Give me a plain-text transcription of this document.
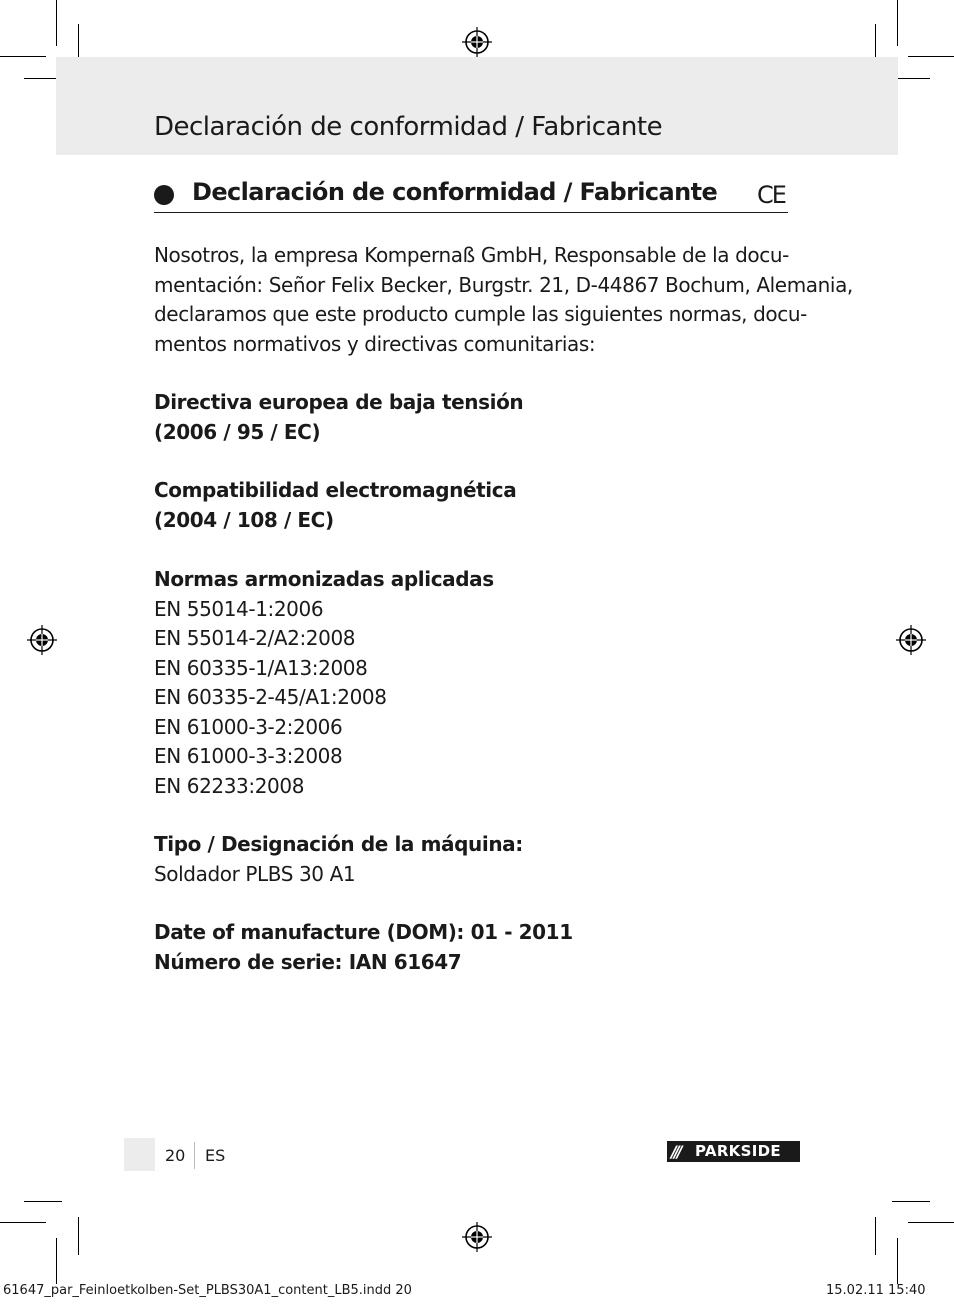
Declaración de conformidad / Fabricante
Declaración de conformidad / Fabricante CE

Nosotros, la empresa Kompernaß GmbH, Responsable de la docu-

mentación: Señor Felix Becker, Burgstr. 21, D-44867 Bochum, Alemania,

declaramos que este producto cumple las siguientes normas, docu-

mentos normativos y directivas comunitarias:

Directiva europea de baja tensión
(2006 / 95 / EC)
Compatibilidad electromagnética
(2004 / 108 / EC)
Normas armonizadas aplicadas
EN 55014-1:2006
EN 55014-2/A2:2008
EN 60335-1/A13:2008
EN 60335-2-45/A1:2008
EN 61000-3-2:2006
EN 61000-3-3:2008
EN 62233:2008
Tipo / Designación de la máquina:
Soldador PLBS 30 A1
Date of manufacture (DOM): 01 - 2011
Número de serie: IAN 61647
20 ES	/// PARKSIDE
61647_par_Feinloetkolben-Set_PLBS30A1_content_LB5.indd 20	15.02.11 15:40
